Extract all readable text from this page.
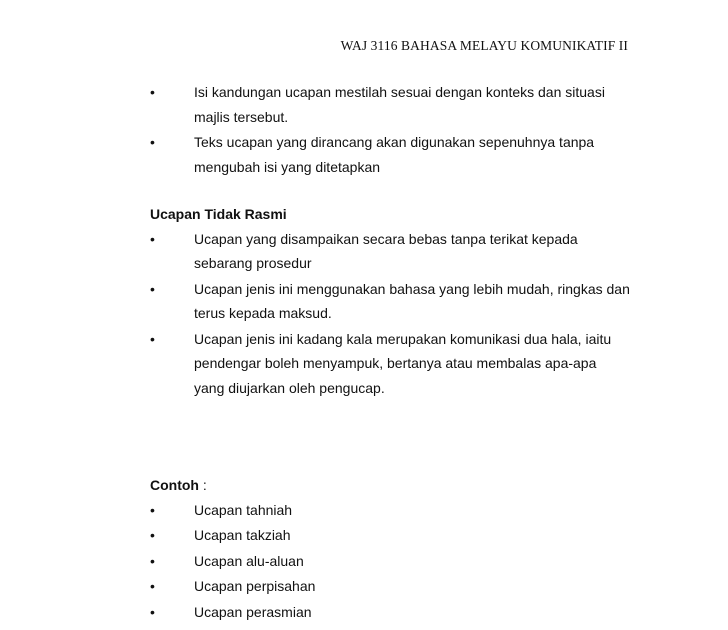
WAJ 3116 BAHASA MELAYU KOMUNIKATIF II
•	Isi kandungan ucapan mestilah sesuai dengan konteks dan situasi majlis tersebut.
•	Teks ucapan yang dirancang akan digunakan sepenuhnya tanpa mengubah isi yang ditetapkan

Ucapan Tidak Rasmi

•	Ucapan yang disampaikan secara bebas tanpa terikat kepada sebarang prosedur
•	Ucapan jenis ini menggunakan bahasa yang lebih mudah, ringkas dan terus kepada maksud.
•	Ucapan jenis ini kadang kala merupakan komunikasi dua hala, iaitu pendengar boleh menyampuk, bertanya atau membalas apa-apa yang diujarkan oleh pengucap.

Contoh :

•	Ucapan tahniah
•	Ucapan takziah
•	Ucapan alu-aluan
•	Ucapan perpisahan
•	Ucapan perasmian
